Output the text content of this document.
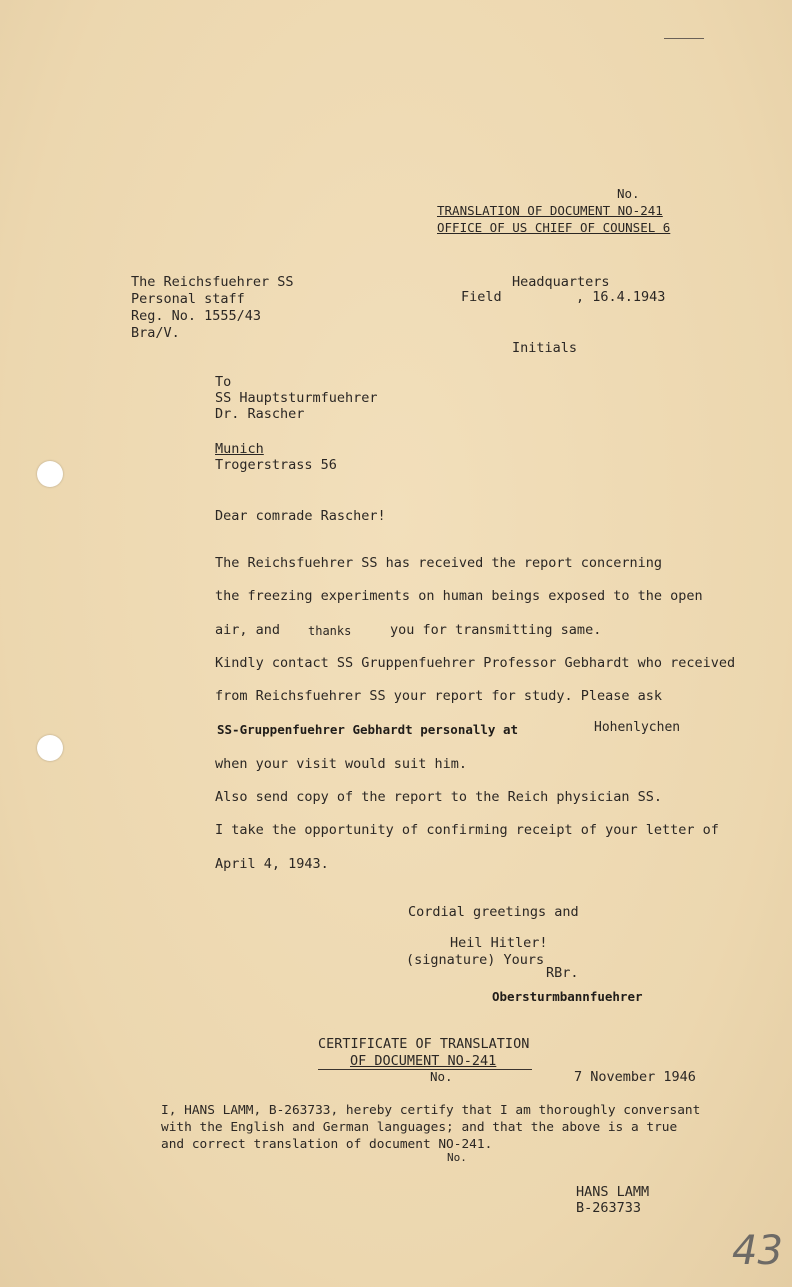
No.
TRANSLATION OF DOCUMENT NO-241
OFFICE OF US CHIEF OF COUNSEL 6
The Reichsfuehrer SS
Personal staff
Reg. No. 1555/43
Bra/V.
Headquarters
Field	, 16.4.1943
Initials
To
SS Hauptsturmfuehrer
Dr. Rascher
Munich
Trogerstrass 56
Dear comrade Rascher!
The Reichsfuehrer SS has received the report concerning
the freezing experiments on human beings exposed to the open
air, and thanks	you for transmitting same.
Kindly contact SS Gruppenfuehrer Professor Gebhardt who received
from Reichsfuehrer SS your report for study. Please ask
SS-Gruppenfuehrer Gebhardt personally at	Hohenlychen
when your visit would suit him.
Also send copy of the report to the Reich physician SS.
I take the opportunity of confirming receipt of your letter of
April 4, 1943.
Cordial greetings and
Heil Hitler!
(signature) Yours
RBr.
Obersturmbannfuehrer
CERTIFICATE OF TRANSLATION
OF DOCUMENT NO-241
No.	7 November 1946
I, HANS LAMM, B-263733, hereby certify that I am thoroughly conversant
with the English and German languages; and that the above is a true
and correct translation of document NO-241.
No.
HANS LAMM
B-263733
43
